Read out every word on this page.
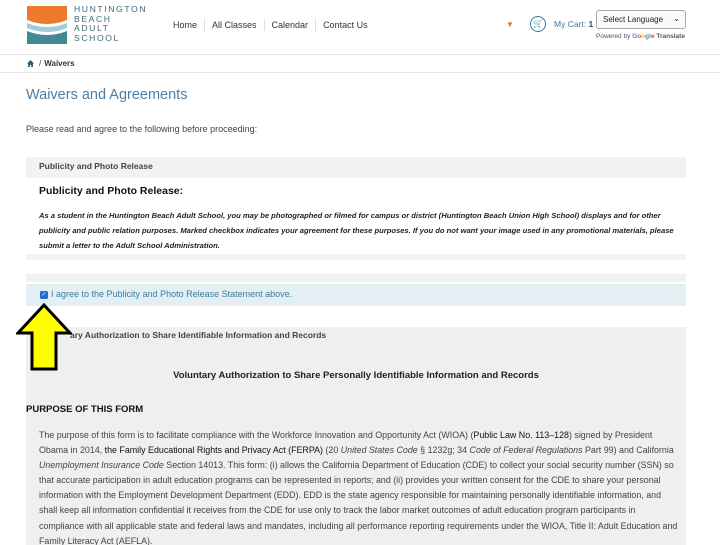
HUNTINGTON
BEACH
ADULT
SCHOOL
Home	All Classes	Calendar	Contact Us	▼	🛒	My Cart: 1	Select Language ⌄
Powered by Google Translate
/ Waivers
Waivers and Agreements

Please read and agree to the following before proceeding:

Publicity and Photo Release
Publicity and Photo Release:
As a student in the Huntington Beach Adult School, you may be photographed or filmed for campus or district (Huntington Beach Union High School) displays and for other publicity and public relation purposes. Marked checkbox indicates your agreement for these purposes. If you do not want your image used in any promotional materials, please submit a letter to the Adult School Administration.
✓ I agree to the Publicity and Photo Release Statement above.
ary Authorization to Share Identifiable Information and Records
Voluntary Authorization to Share Personally Identifiable Information and Records
PURPOSE OF THIS FORM
The purpose of this form is to facilitate compliance with the Workforce Innovation and Opportunity Act (WIOA) (Public Law No. 113–128) signed by President Obama in 2014, the Family Educational Rights and Privacy Act (FERPA) (20 United States Code § 1232g; 34 Code of Federal Regulations Part 99) and California Unemployment Insurance Code Section 14013. This form: (i) allows the California Department of Education (CDE) to collect your social security number (SSN) so that accurate participation in adult education programs can be represented in reports; and (ii) provides your written consent for the CDE to share your personal information with the Employment Development Department (EDD). EDD is the state agency responsible for maintaining personally identifiable information, and shall keep all information confidential it receives from the CDE for use only to track the labor market outcomes of adult education program participants in compliance with all applicable state and federal laws and mandates, including all performance reporting requirements under the WIOA, Title II: Adult Education and Family Literacy Act (AEFLA).
